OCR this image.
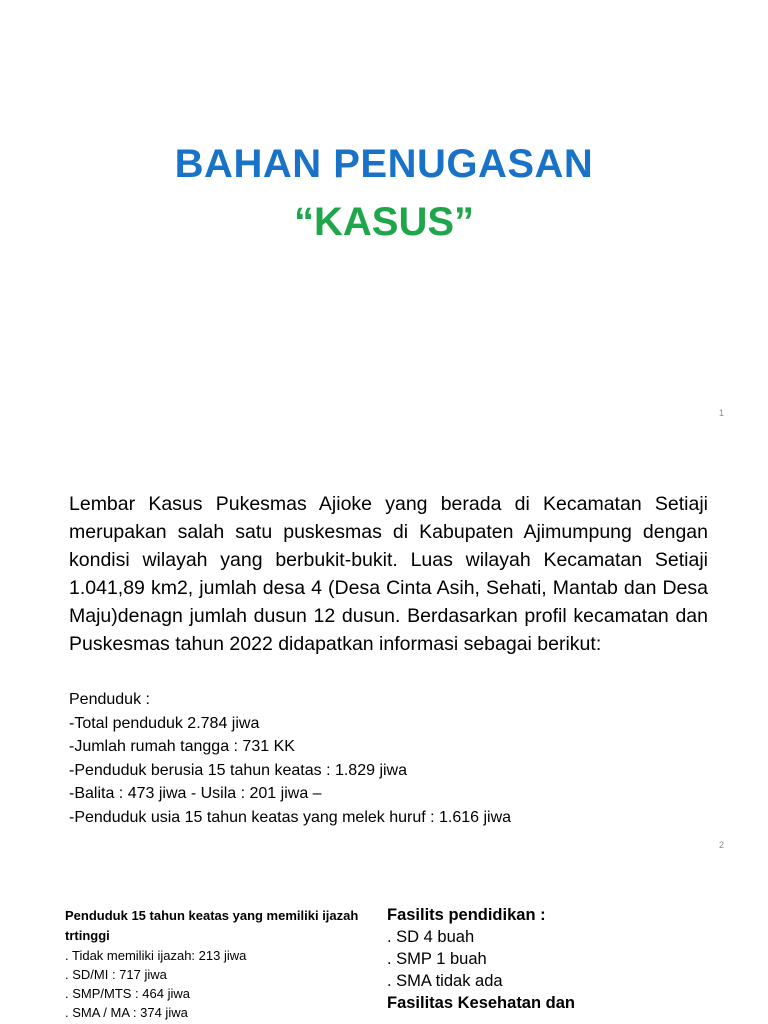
BAHAN PENUGASAN
“KASUS”
1
Lembar Kasus Pukesmas Ajioke yang berada di Kecamatan Setiaji merupakan salah satu puskesmas di Kabupaten Ajimumpung dengan kondisi wilayah yang berbukit-bukit. Luas wilayah Kecamatan Setiaji 1.041,89 km2, jumlah desa 4 (Desa Cinta Asih, Sehati, Mantab dan Desa Maju)denagn jumlah dusun 12 dusun. Berdasarkan profil kecamatan dan Puskesmas tahun 2022 didapatkan informasi sebagai berikut:
Penduduk :
-Total penduduk 2.784 jiwa
-Jumlah rumah tangga : 731 KK
-Penduduk berusia 15 tahun keatas : 1.829 jiwa
-Balita : 473 jiwa - Usila : 201 jiwa –
-Penduduk usia 15 tahun keatas yang melek huruf : 1.616 jiwa
2
Penduduk 15 tahun keatas yang memiliki ijazah trtinggi
. Tidak memiliki ijazah: 213 jiwa
. SD/MI : 717 jiwa
. SMP/MTS : 464 jiwa
. SMA / MA : 374 jiwa
Fasilits pendidikan :
. SD 4 buah
. SMP 1 buah
. SMA tidak ada
Fasilitas Kesehatan dan
